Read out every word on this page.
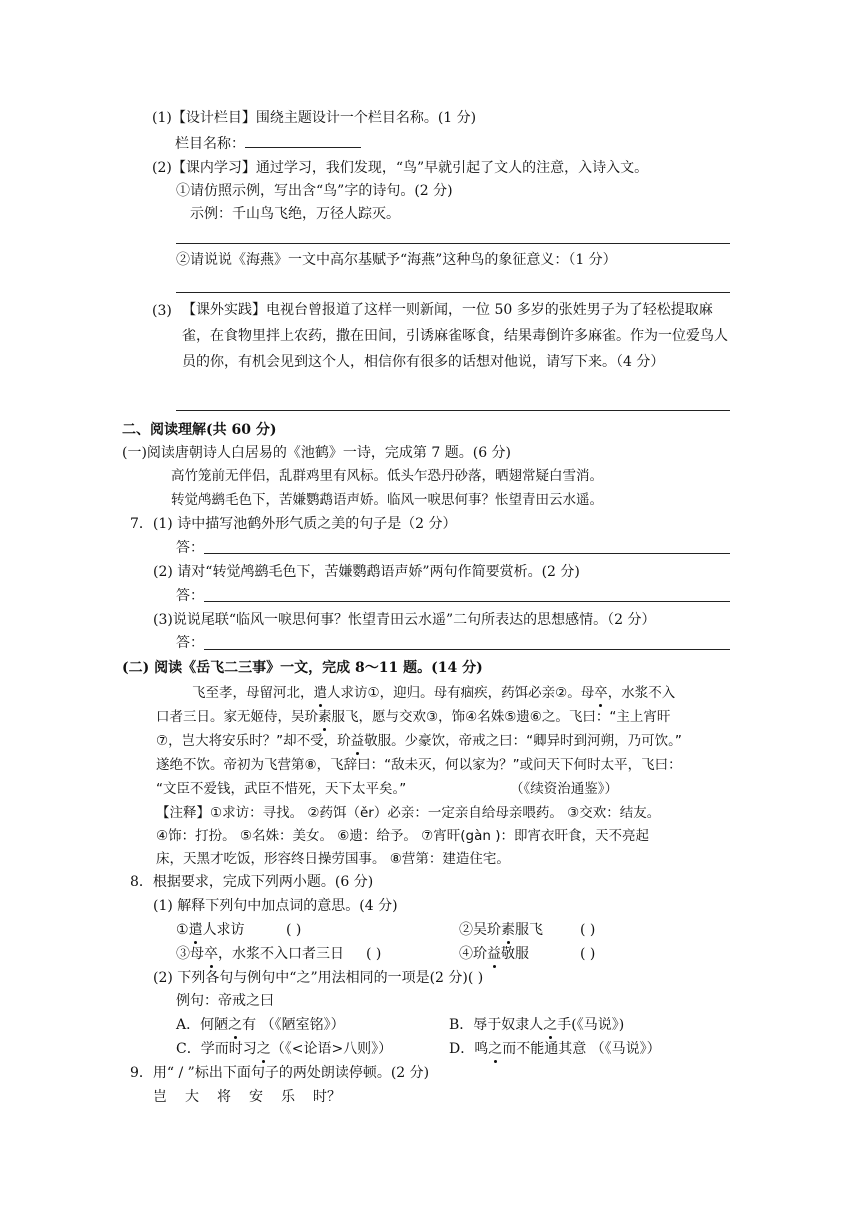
(1)【设计栏目】围绕主题设计一个栏目名称。(1 分)
栏目名称：
(2)【课内学习】通过学习，我们发现，“鸟”早就引起了文人的注意，入诗入文。
①请仿照示例，写出含“鸟”字的诗句。(2 分)
示例：千山鸟飞绝，万径人踪灭。
②请说说《海燕》一文中高尔基赋予“海燕”这种鸟的象征意义：（1 分）
(3) 【课外实践】电视台曾报道了这样一则新闻，一位 50 多岁的张姓男子为了轻松提取麻雀，在食物里拌上农药，撒在田间，引诱麻雀啄食，结果毒倒许多麻雀。作为一位爱鸟人员的你，有机会见到这个人，相信你有很多的话想对他说，请写下来。（4 分）
二、阅读理解(共 60 分)
(一)阅读唐朝诗人白居易的《池鹤》一诗，完成第 7 题。(6 分)
高竹笼前无伴侣，乱群鸡里有风标。低头乍恐丹砂落，晒翅常疑白雪消。
转觉鸬鹚毛色下，苦嫌鹦鹉语声娇。临风一唳思何事？怅望青田云水遥。
7．(1) 诗中描写池鹤外形气质之美的句子是（2 分）
答：
(2) 请对“转觉鸬鹚毛色下，苦嫌鹦鹉语声娇”两句作简要赏析。(2 分)
答：
(3)说说尾联“临风一唳思何事？怅望青田云水遥”二句所表达的思想感情。（2 分）
答：
(二) 阅读《岳飞二三事》一文，完成 8～11 题。(14 分)
飞至孝，母留河北，遣人求访①，迎归。母有痼疾，药饵必亲②。母卒，水浆不入
口者三日。家无姬侍，吴玠素服飞，愿与交欢③，饰④名姝⑤遗⑥之。飞曰：“主上宵旰
⑦，岂大将安乐时？”却不受，玠益敬服。少豪饮，帝戒之曰：“卿异时到河朔，乃可饮。”
遂绝不饮。帝初为飞营第⑧，飞辞曰：“敌未灭，何以家为？”或问天下何时太平，飞曰：
“文臣不爱钱，武臣不惜死，天下太平矣。”	（《续资治通鉴》）
【注释】①求访：寻找。 ②药饵（ěr）必亲：一定亲自给母亲喂药。 ③交欢：结友。
④饰：打扮。 ⑤名姝：美女。 ⑥遗：给予。 ⑦宵旰(gàn )：即宵衣旰食，天不亮起
床，天黑才吃饭，形容终日操劳国事。 ⑧营第：建造住宅。
8．根据要求，完成下列两小题。(6 分)
(1) 解释下列句中加点词的意思。(4 分)
①遣人求访	( )	②吴玠素服飞	( )
③母卒，水浆不入口者三日 ( )	④玠益敬服	( )
(2) 下列各句与例句中“之”用法相同的一项是(2 分)( )
例句：帝戒之曰
A．何陋之有 （《陋室铭》）	B．辱于奴隶人之手(《马说》)
C．学而时习之（《<论语>八则》）	D．鸣之而不能通其意 （《马说》）
9．用“ / ”标出下面句子的两处朗读停顿。(2 分)
岂 大 将 安 乐 时？
